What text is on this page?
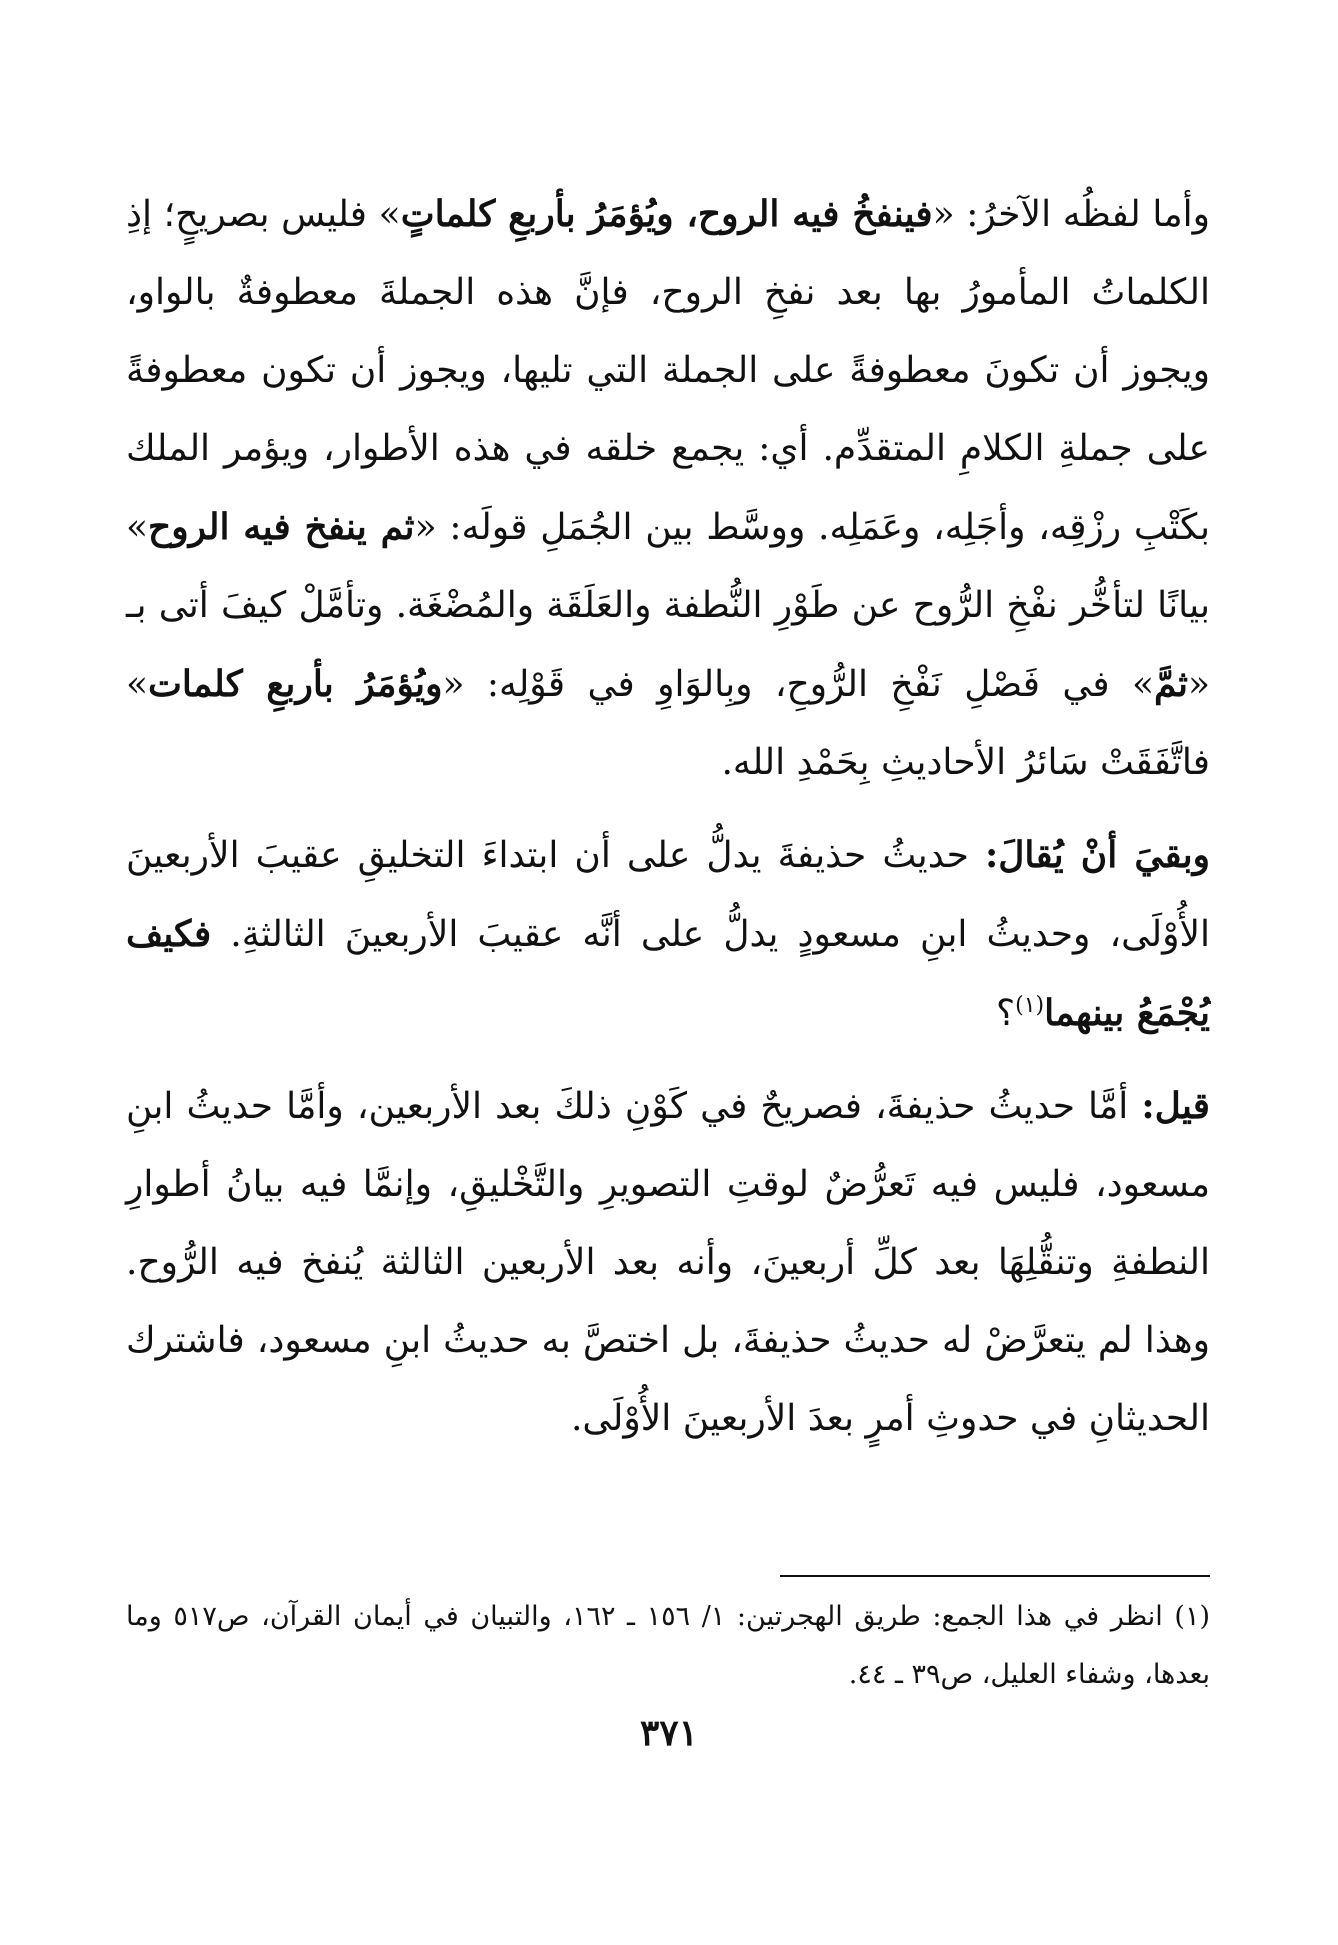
وأما لفظُه الآخرُ: «فينفخُ فيه الروح، ويُؤمَرُ بأربعِ كلماتٍ» فليس بصريحٍ؛ إذِ الكلماتُ المأمورُ بها بعد نفخِ الروح، فإنَّ هذه الجملةَ معطوفةٌ بالواو، ويجوز أن تكونَ معطوفةً على الجملة التي تليها، ويجوز أن تكون معطوفةً على جملةِ الكلامِ المتقدِّم. أي: يجمع خلقه في هذه الأطوار، ويؤمر الملك بكَتْبِ رزْقِه، وأجَلِه، وعَمَلِه. ووسَّط بين الجُمَلِ قولَه: «ثم ينفخ فيه الروح» بيانًا لتأخُّر نفْخِ الرُّوح عن طَوْرِ النُّطفة والعَلَقَة والمُضْغَة. وتأمَّلْ كيفَ أتى بـ «ثمَّ» في فَصْلِ نَفْخِ الرُّوحِ، وبِالوَاوِ في قَوْلِه: «ويُؤمَرُ بأربعِ كلمات» فاتَّفَقَتْ سَائرُ الأحاديثِ بِحَمْدِ الله.

وبقيَ أنْ يُقالَ: حديثُ حذيفةَ يدلُّ على أن ابتداءَ التخليقِ عقيبَ الأربعينَ الأُوْلَى، وحديثُ ابنِ مسعودٍ يدلُّ على أنَّه عقيبَ الأربعينَ الثالثةِ. فكيف يُجْمَعُ بينهما$^{(١)}$؟

قيل: أمَّا حديثُ حذيفةَ، فصريحٌ في كَوْنِ ذلكَ بعد الأربعين، وأمَّا حديثُ ابنِ مسعود، فليس فيه تَعرُّضٌ لوقتِ التصويرِ والتَّخْليقِ، وإنمَّا فيه بيانُ أطوارِ النطفةِ وتنقُّلِهَا بعد كلِّ أربعينَ، وأنه بعد الأربعين الثالثة يُنفخ فيه الرُّوح. وهذا لم يتعرَّضْ له حديثُ حذيفةَ، بل اختصَّ به حديثُ ابنِ مسعود، فاشترك الحديثانِ في حدوثِ أمرٍ بعدَ الأربعينَ الأُوْلَى.

(١) انظر في هذا الجمع: طريق الهجرتين: ١/ ١٥٦ ـ ١٦٢، والتبيان في أيمان القرآن، ص٥١٧ وما بعدها، وشفاء العليل، ص٣٩ ـ ٤٤.

٣٧١
